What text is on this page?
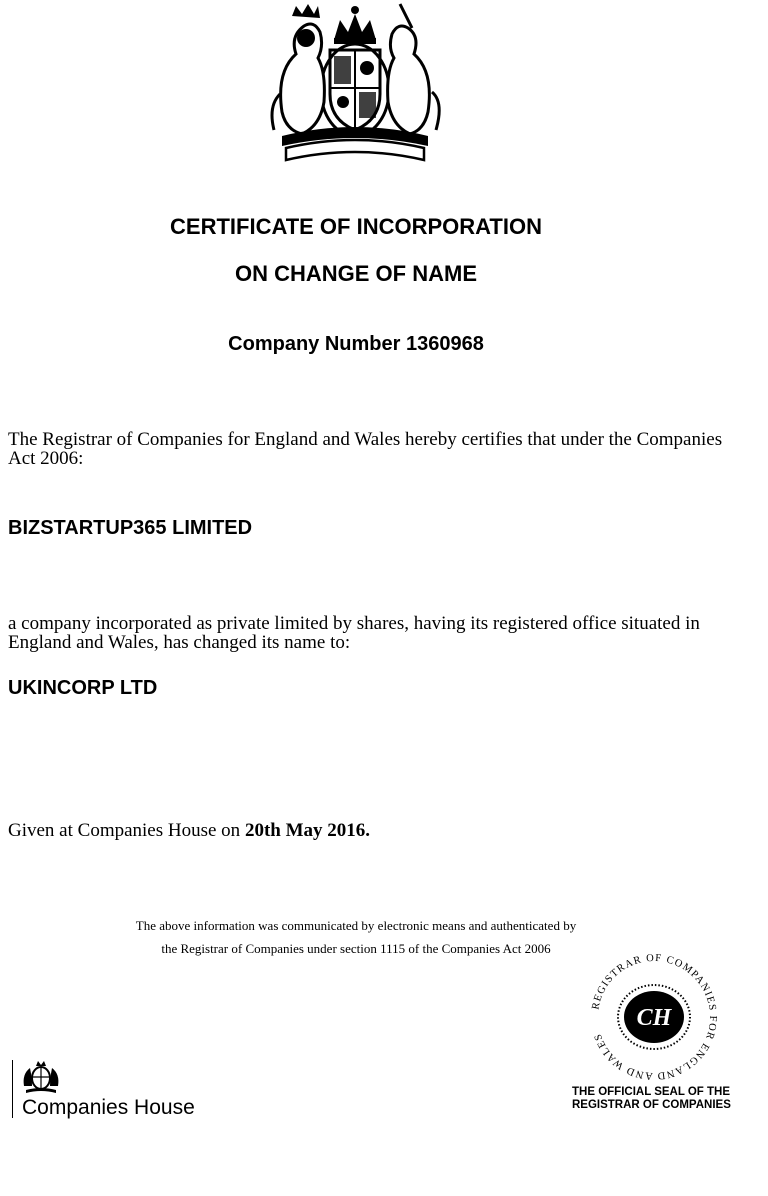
CERTIFICATE OF INCORPORATION
ON CHANGE OF NAME
Company Number 1360968
The Registrar of Companies for England and Wales hereby certifies that under the Companies Act 2006:
BIZSTARTUP365 LIMITED
a company incorporated as private limited by shares, having its registered office situated in England and Wales, has changed its name to:
UKINCORP LTD
Given at Companies House on 20th May 2016.
The above information was communicated by electronic means and authenticated by
the Registrar of Companies under section 1115 of the Companies Act 2006
REGISTRAR OF COMPANIES FOR ENGLAND AND WALES
CH
THE OFFICIAL SEAL OF THE
REGISTRAR OF COMPANIES
Companies House
